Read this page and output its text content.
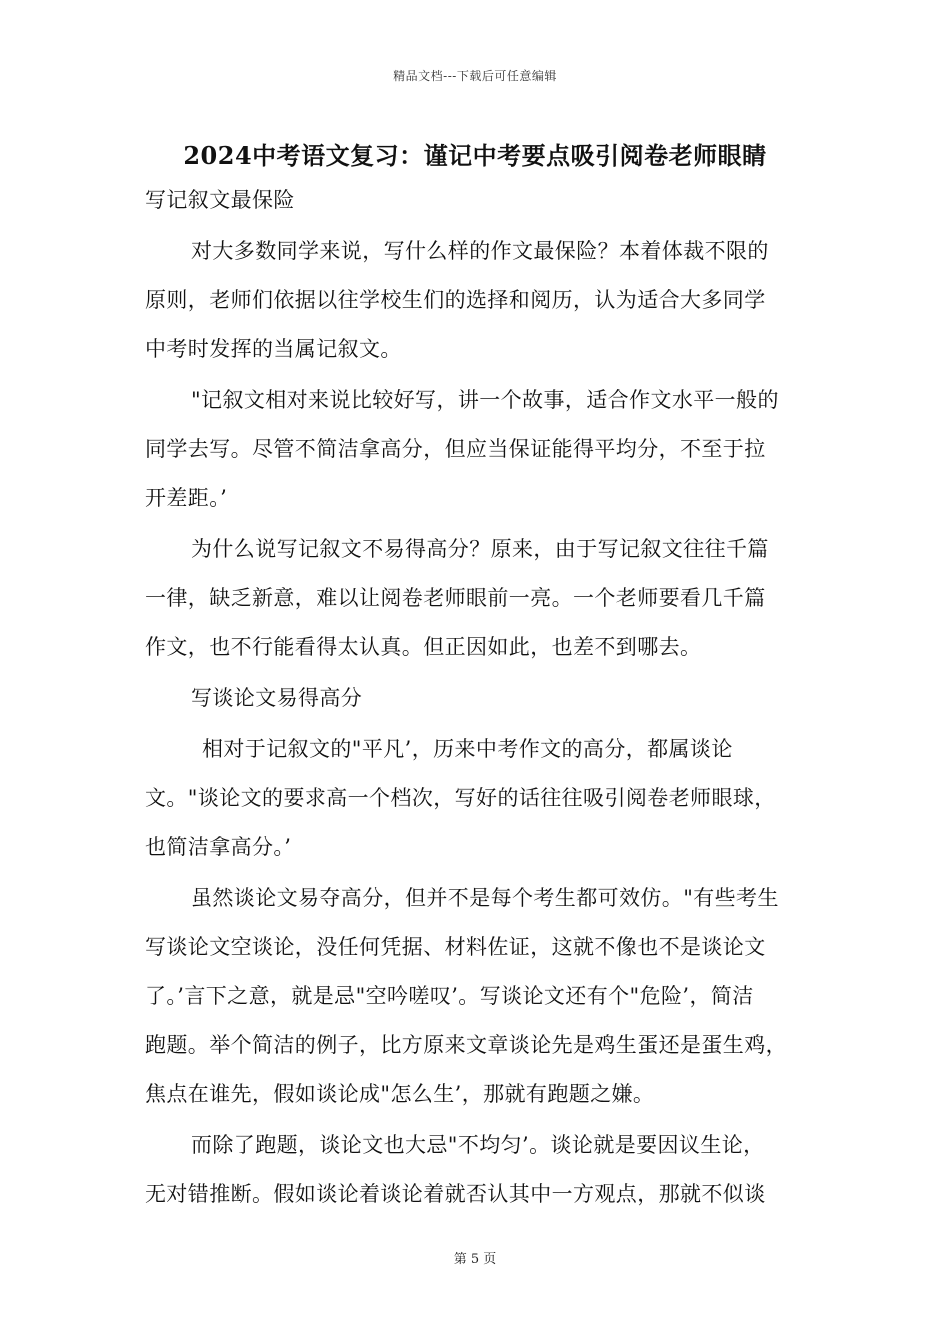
精品文档---下载后可任意编辑
2024中考语文复习：谨记中考要点吸引阅卷老师眼睛
写记叙文最保险
对大多数同学来说，写什么样的作文最保险？本着体裁不限的
原则，老师们依据以往学校生们的选择和阅历，认为适合大多同学
中考时发挥的当属记叙文。
"记叙文相对来说比较好写，讲一个故事，适合作文水平一般的
同学去写。尽管不简洁拿高分，但应当保证能得平均分，不至于拉
开差距。’
为什么说写记叙文不易得高分？原来，由于写记叙文往往千篇
一律，缺乏新意，难以让阅卷老师眼前一亮。一个老师要看几千篇
作文，也不行能看得太认真。但正因如此，也差不到哪去。
写谈论文易得高分
相对于记叙文的"平凡’，历来中考作文的高分，都属谈论
文。"谈论文的要求高一个档次，写好的话往往吸引阅卷老师眼球，
也简洁拿高分。’
虽然谈论文易夺高分，但并不是每个考生都可效仿。"有些考生
写谈论文空谈论，没任何凭据、材料佐证，这就不像也不是谈论文
了。’言下之意，就是忌"空吟嗟叹’。写谈论文还有个"危险’，简洁
跑题。举个简洁的例子，比方原来文章谈论先是鸡生蛋还是蛋生鸡，
焦点在谁先，假如谈论成"怎么生’，那就有跑题之嫌。
而除了跑题，谈论文也大忌"不均匀’。谈论就是要因议生论，
无对错推断。假如谈论着谈论着就否认其中一方观点，那就不似谈
第 5 页
